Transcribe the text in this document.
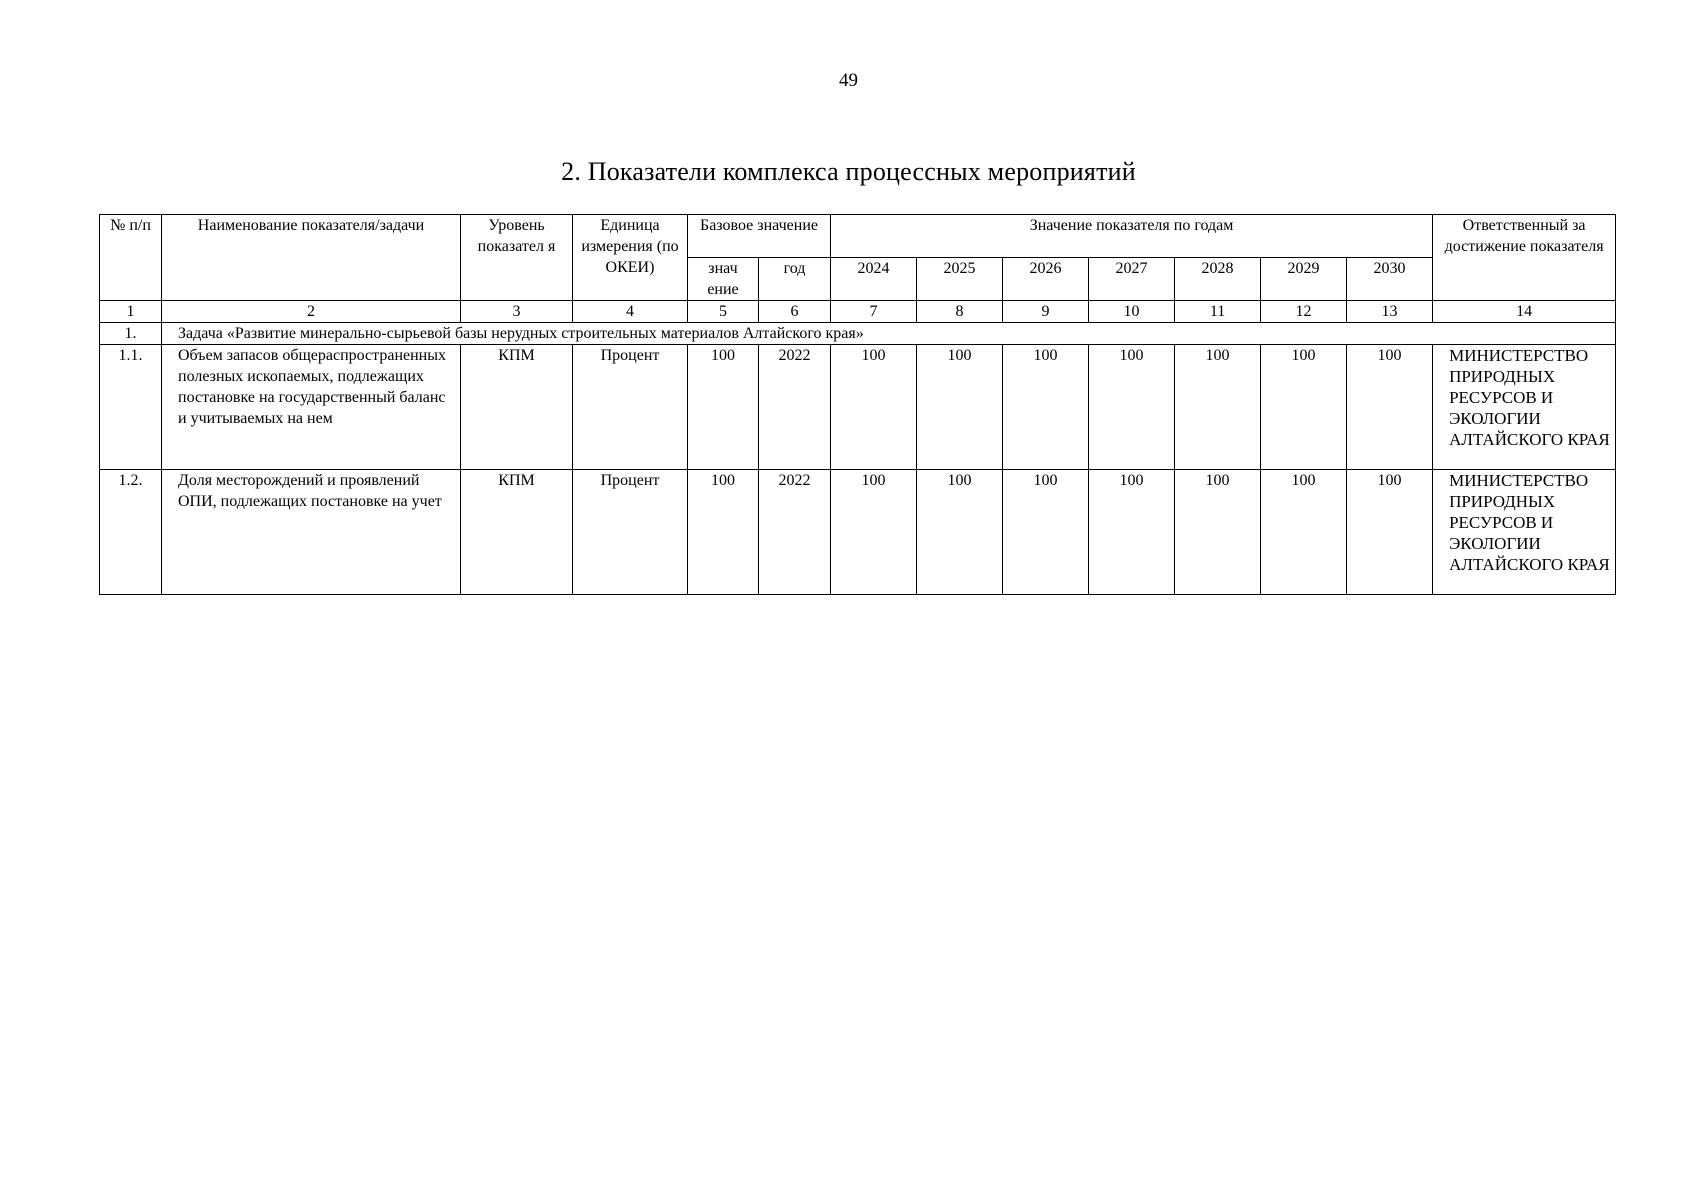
49
2. Показатели комплекса процессных мероприятий
№ п/п	Наименование показателя/задачи	Уровень показател я	Единица измерения (по ОКЕИ)	Базовое значение		Значение показателя по годам							Ответственный за достижение показателя
				знач ение	год	2024	2025	2026	2027	2028	2029	2030	
1	2	3	4	5	6	7	8	9	10	11	12	13	14
1.	Задача «Развитие минерально-сырьевой базы нерудных строительных материалов Алтайского края»												
1.1.	Объем запасов общераспространенных полезных ископаемых, подлежащих постановке на государственный баланс и учитываемых на нем	КПМ	Процент	100	2022	100	100	100	100	100	100	100	МИНИСТЕРСТВО ПРИРОДНЫХ РЕСУРСОВ И ЭКОЛОГИИ АЛТАЙСКОГО КРАЯ
1.2.	Доля месторождений и проявлений ОПИ, подлежащих постановке на учет	КПМ	Процент	100	2022	100	100	100	100	100	100	100	МИНИСТЕРСТВО ПРИРОДНЫХ РЕСУРСОВ И ЭКОЛОГИИ АЛТАЙСКОГО КРАЯ
